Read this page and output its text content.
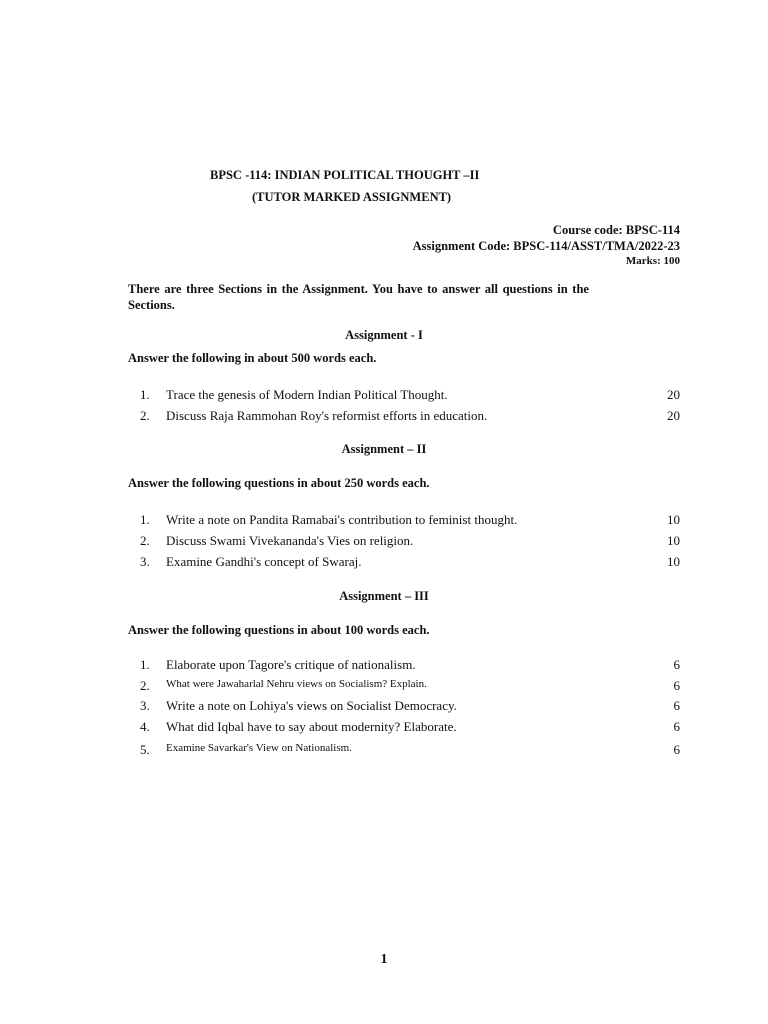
BPSC -114: INDIAN POLITICAL THOUGHT –II
(TUTOR MARKED ASSIGNMENT)
Course code: BPSC-114
Assignment Code: BPSC-114/ASST/TMA/2022-23
Marks: 100
There are three Sections in the Assignment. You have to answer all questions in the
Sections.
Assignment - I
Answer the following in about 500 words each.
1. Trace the genesis of Modern Indian Political Thought.	20
2. Discuss Raja Rammohan Roy's reformist efforts in education.	20
Assignment – II
Answer the following questions in about 250 words each.
1. Write a note on Pandita Ramabai's contribution to feminist thought.	10
2. Discuss Swami Vivekananda's Vies on religion.	10
3. Examine Gandhi's concept of Swaraj.	10
Assignment – III
Answer the following questions in about 100 words each.
1. Elaborate upon Tagore's critique of nationalism.	6
2. What were Jawaharlal Nehru views on Socialism? Explain.	6
3. Write a note on Lohiya's views on Socialist Democracy.	6
4. What did Iqbal have to say about modernity? Elaborate.	6
5. Examine Savarkar's View on Nationalism.	6
1
